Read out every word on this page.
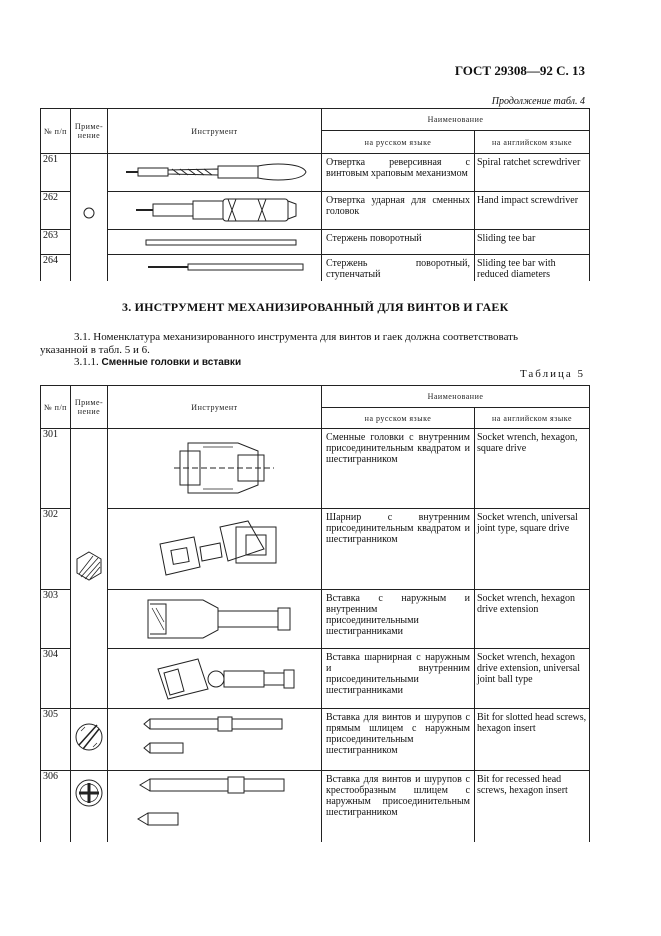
ГОСТ 29308—92 С. 13
Продолжение табл. 4
№ п/п	Приме- нение	Инструмент	Наименование	
			на русском языке	на английском языке
261			Отвертка реверсивная с винтовым храповым механизмом	Spiral ratchet screwdriver
262			Отвертка ударная для сменных головок	Hand impact screwdriver
263			Стержень поворотный	Sliding tee bar
264			Стержень поворотный, ступенчатый	Sliding tee bar with reduced diameters
3. ИНСТРУМЕНТ МЕХАНИЗИРОВАННЫЙ ДЛЯ ВИНТОВ И ГАЕК
3.1. Номенклатура механизированного инструмента для винтов и гаек должна соответствовать
указанной в табл. 5 и 6.
3.1.1. Сменные головки и вставки
Таблица 5
№ п/п	Приме- нение	Инструмент	Наименование	
			на русском языке	на английском языке
301			Сменные головки с внутренним присоединительным квадратом и шестигранником	Socket wrench, hexagon, square drive
302			Шарнир с внутренним присоединительным квадратом и шестигранником	Socket wrench, universal joint type, square drive
303			Вставка с наружным и внутренним присоединительными шестигранниками	Socket wrench, hexagon drive extension
304			Вставка шарнирная с наружным и внутренним присоединительными шестигранниками	Socket wrench, hexagon drive extension, universal joint ball type
305			Вставка для винтов и шурупов с прямым шлицем с наружным присоединительным шестигранником	Bit for slotted head screws, hexagon insert
306			Вставка для винтов и шурупов с крестообразным шлицем с наружным присоединительным шестигранником	Bit for recessed head screws, hexagon insert
